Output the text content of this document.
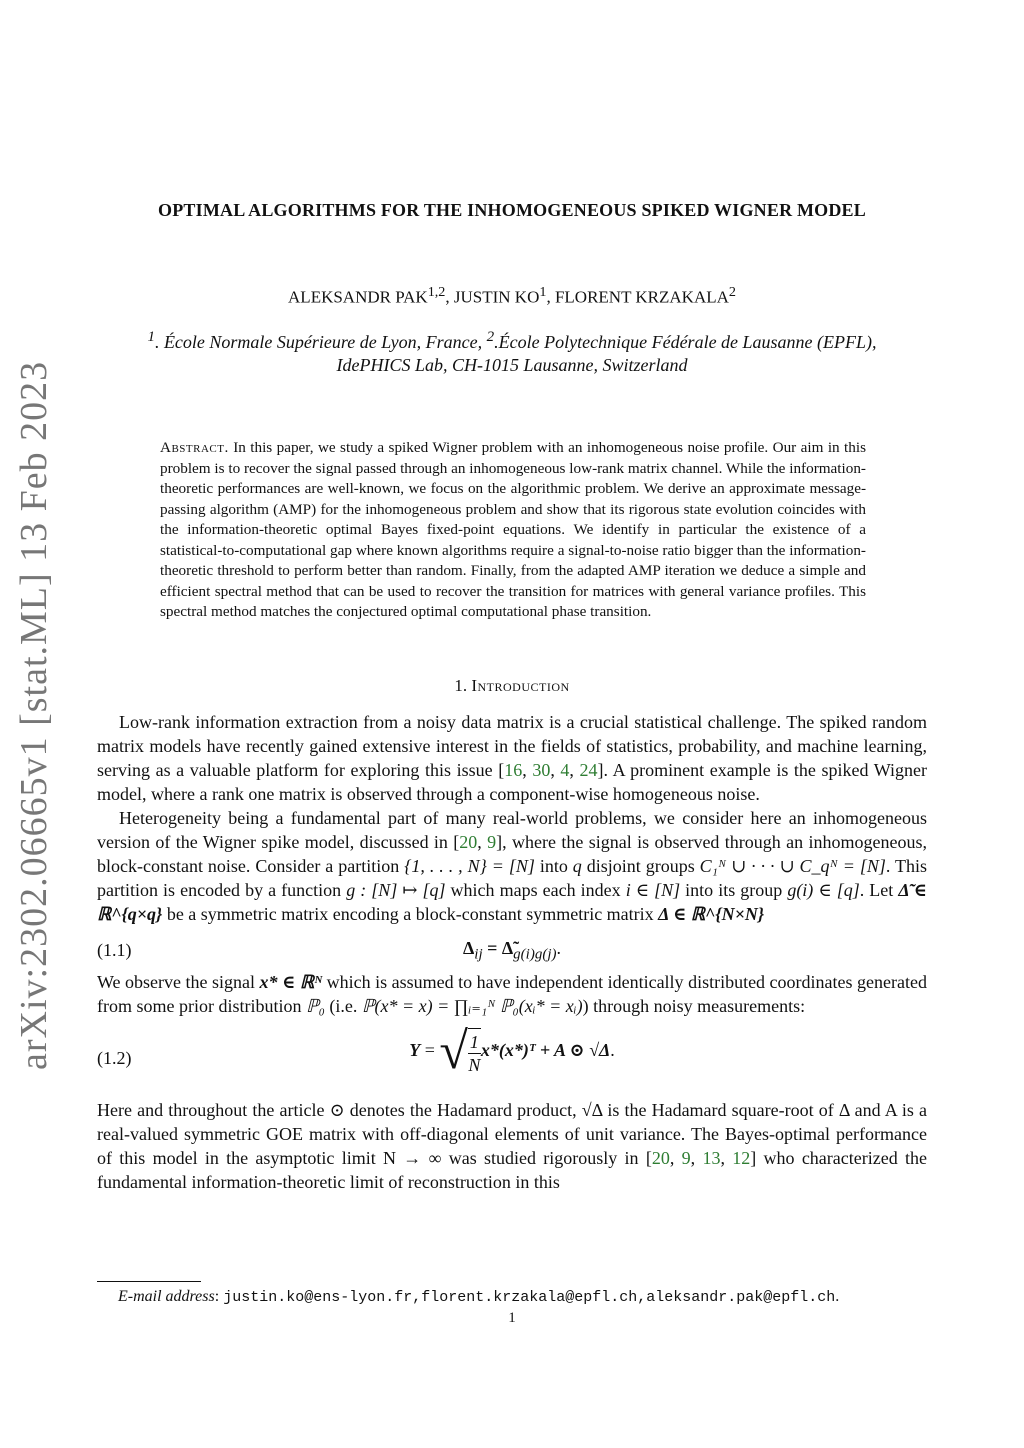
arXiv:2302.06665v1 [stat.ML] 13 Feb 2023
OPTIMAL ALGORITHMS FOR THE INHOMOGENEOUS SPIKED WIGNER MODEL
ALEKSANDR PAK$^{1,2}$, JUSTIN $KO^1$, FLORENT KRZAKALA$^2$
$^1$. École Normale Supérieure de Lyon, France, $^2$.École Polytechnique Fédérale de Lausanne (EPFL),
IdePHICS Lab, CH-1015 Lausanne, Switzerland
Abstract. In this paper, we study a spiked Wigner problem with an inhomogeneous noise profile. Our aim in this problem is to recover the signal passed through an inhomogeneous low-rank matrix channel. While the information-theoretic performances are well-known, we focus on the algorithmic problem. We derive an approximate message-passing algorithm (AMP) for the inhomogeneous problem and show that its rigorous state evolution coincides with the information-theoretic optimal Bayes fixed-point equations. We identify in particular the existence of a statistical-to-computational gap where known algorithms require a signal-to-noise ratio bigger than the information-theoretic threshold to perform better than random. Finally, from the adapted AMP iteration we deduce a simple and efficient spectral method that can be used to recover the transition for matrices with general variance profiles. This spectral method matches the conjectured optimal computational phase transition.
1. Introduction

Low-rank information extraction from a noisy data matrix is a crucial statistical challenge. The spiked random matrix models have recently gained extensive interest in the fields of statistics, probability, and machine learning, serving as a valuable platform for exploring this issue [16, 30, 4, 24]. A prominent example is the spiked Wigner model, where a rank one matrix is observed through a component-wise homogeneous noise.

Heterogeneity being a fundamental part of many real-world problems, we consider here an inhomogeneous version of the Wigner spike model, discussed in [20, 9], where the signal is observed through an inhomogeneous, block-constant noise. Consider a partition {1, . . . , N} = [N] into q disjoint groups C₁ᴺ ∪ · · · ∪ C_qᴺ = [N]. This partition is encoded by a function g : [N] ↦ [q] which maps each index i ∈ [N] into its group g(i) ∈ [q]. Let Δ̃ ∈ ℝ^{q×q} be a symmetric matrix encoding a block-constant symmetric matrix Δ ∈ ℝ^{N×N}

(1.1)	$\Delta_{ij}$ = $\Deltã_{g(i)g(j)}$.

We observe the signal x* ∈ ℝᴺ which is assumed to have independent identically distributed coordinates generated from some prior distribution ℙ₀ (i.e. ℙ(x* = x) = ∏ᵢ₌₁ᴺ ℙ₀(xᵢ* = xᵢ)) through noisy measurements:

(1.2)	Y = √ $\frac{1}{N}$ x*(x*)ᵀ + A ⊙ √Δ.

Here and throughout the article ⊙ denotes the Hadamard product, √Δ is the Hadamard square-root of Δ and A is a real-valued symmetric GOE matrix with off-diagonal elements of unit variance. The Bayes-optimal performance of this model in the asymptotic limit N → ∞ was studied rigorously in [20, 9, 13, 12] who characterized the fundamental information-theoretic limit of reconstruction in this

E-mail address: justin.ko@ens-lyon.fr,florent.krzakala@epfl.ch,aleksandr.pak@epfl.ch.
1
